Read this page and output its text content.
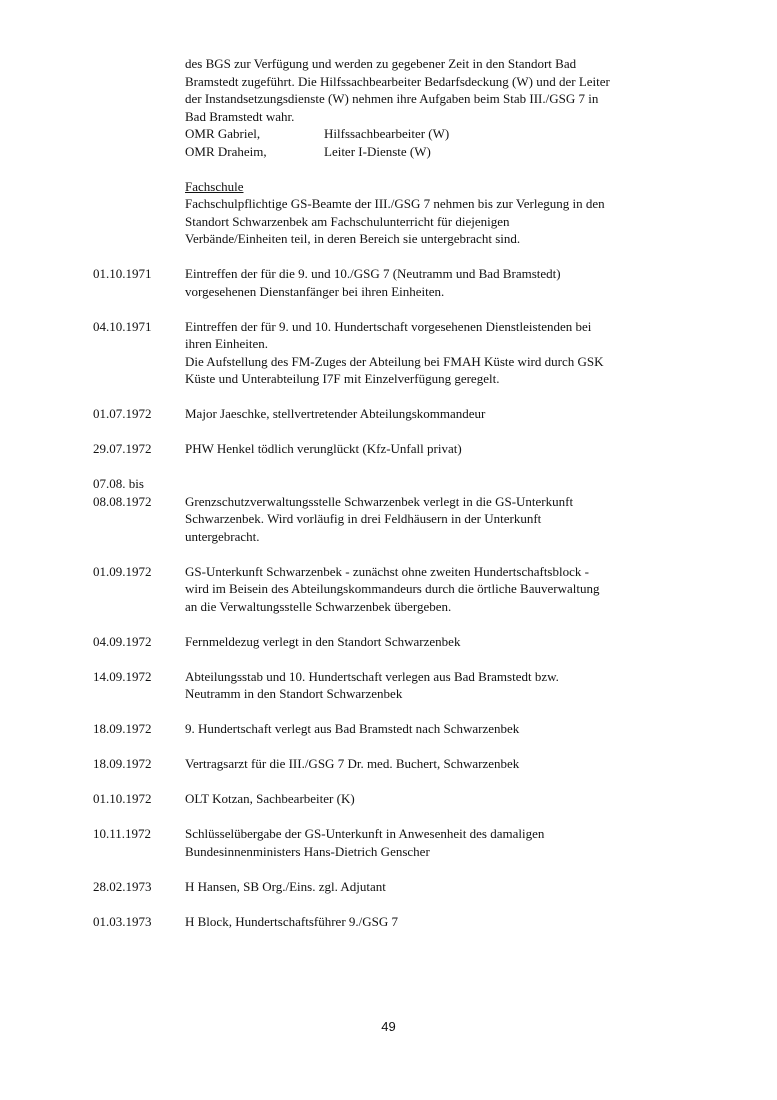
des BGS zur Verfügung und werden zu gegebener Zeit in den Standort Bad
Bramstedt zugeführt. Die Hilfssachbearbeiter Bedarfsdeckung (W) und der Leiter
der Instandsetzungsdienste (W) nehmen ihre Aufgaben beim Stab III./GSG 7 in
Bad Bramstedt wahr.
OMR Gabriel,	Hilfssachbearbeiter (W)
OMR Draheim,	Leiter I-Dienste (W)
Fachschule
Fachschulpflichtige GS-Beamte der III./GSG 7 nehmen bis zur Verlegung in den
Standort Schwarzenbek am Fachschulunterricht für diejenigen
Verbände/Einheiten teil, in deren Bereich sie untergebracht sind.
01.10.1971	Eintreffen der für die 9. und 10./GSG 7 (Neutramm und Bad Bramstedt)
vorgesehenen Dienstanfänger bei ihren Einheiten.
04.10.1971	Eintreffen der für 9. und 10. Hundertschaft vorgesehenen Dienstleistenden bei
ihren Einheiten.
Die Aufstellung des FM-Zuges der Abteilung bei FMAH Küste wird durch GSK
Küste und Unterabteilung I7F mit Einzelverfügung geregelt.
01.07.1972	Major Jaeschke, stellvertretender Abteilungskommandeur
29.07.1972	PHW Henkel tödlich verunglückt (Kfz-Unfall privat)
07.08. bis
08.08.1972
	Grenzschutzverwaltungsstelle Schwarzenbek verlegt in die GS-Unterkunft
Schwarzenbek. Wird vorläufig in drei Feldhäusern in der Unterkunft
untergebracht.
01.09.1972	GS-Unterkunft Schwarzenbek - zunächst ohne zweiten Hundertschaftsblock -
wird im Beisein des Abteilungskommandeurs durch die örtliche Bauverwaltung
an die Verwaltungsstelle Schwarzenbek übergeben.
04.09.1972	Fernmeldezug verlegt in den Standort Schwarzenbek
14.09.1972	Abteilungsstab und 10. Hundertschaft verlegen aus Bad Bramstedt bzw.
Neutramm in den Standort Schwarzenbek
18.09.1972	9. Hundertschaft verlegt aus Bad Bramstedt nach Schwarzenbek
18.09.1972	Vertragsarzt für die III./GSG 7 Dr. med. Buchert, Schwarzenbek
01.10.1972	OLT Kotzan, Sachbearbeiter (K)
10.11.1972	Schlüsselübergabe der GS-Unterkunft in Anwesenheit des damaligen
Bundesinnenministers Hans-Dietrich Genscher
28.02.1973	H Hansen, SB Org./Eins. zgl. Adjutant
01.03.1973	H Block, Hundertschaftsführer 9./GSG 7
49
